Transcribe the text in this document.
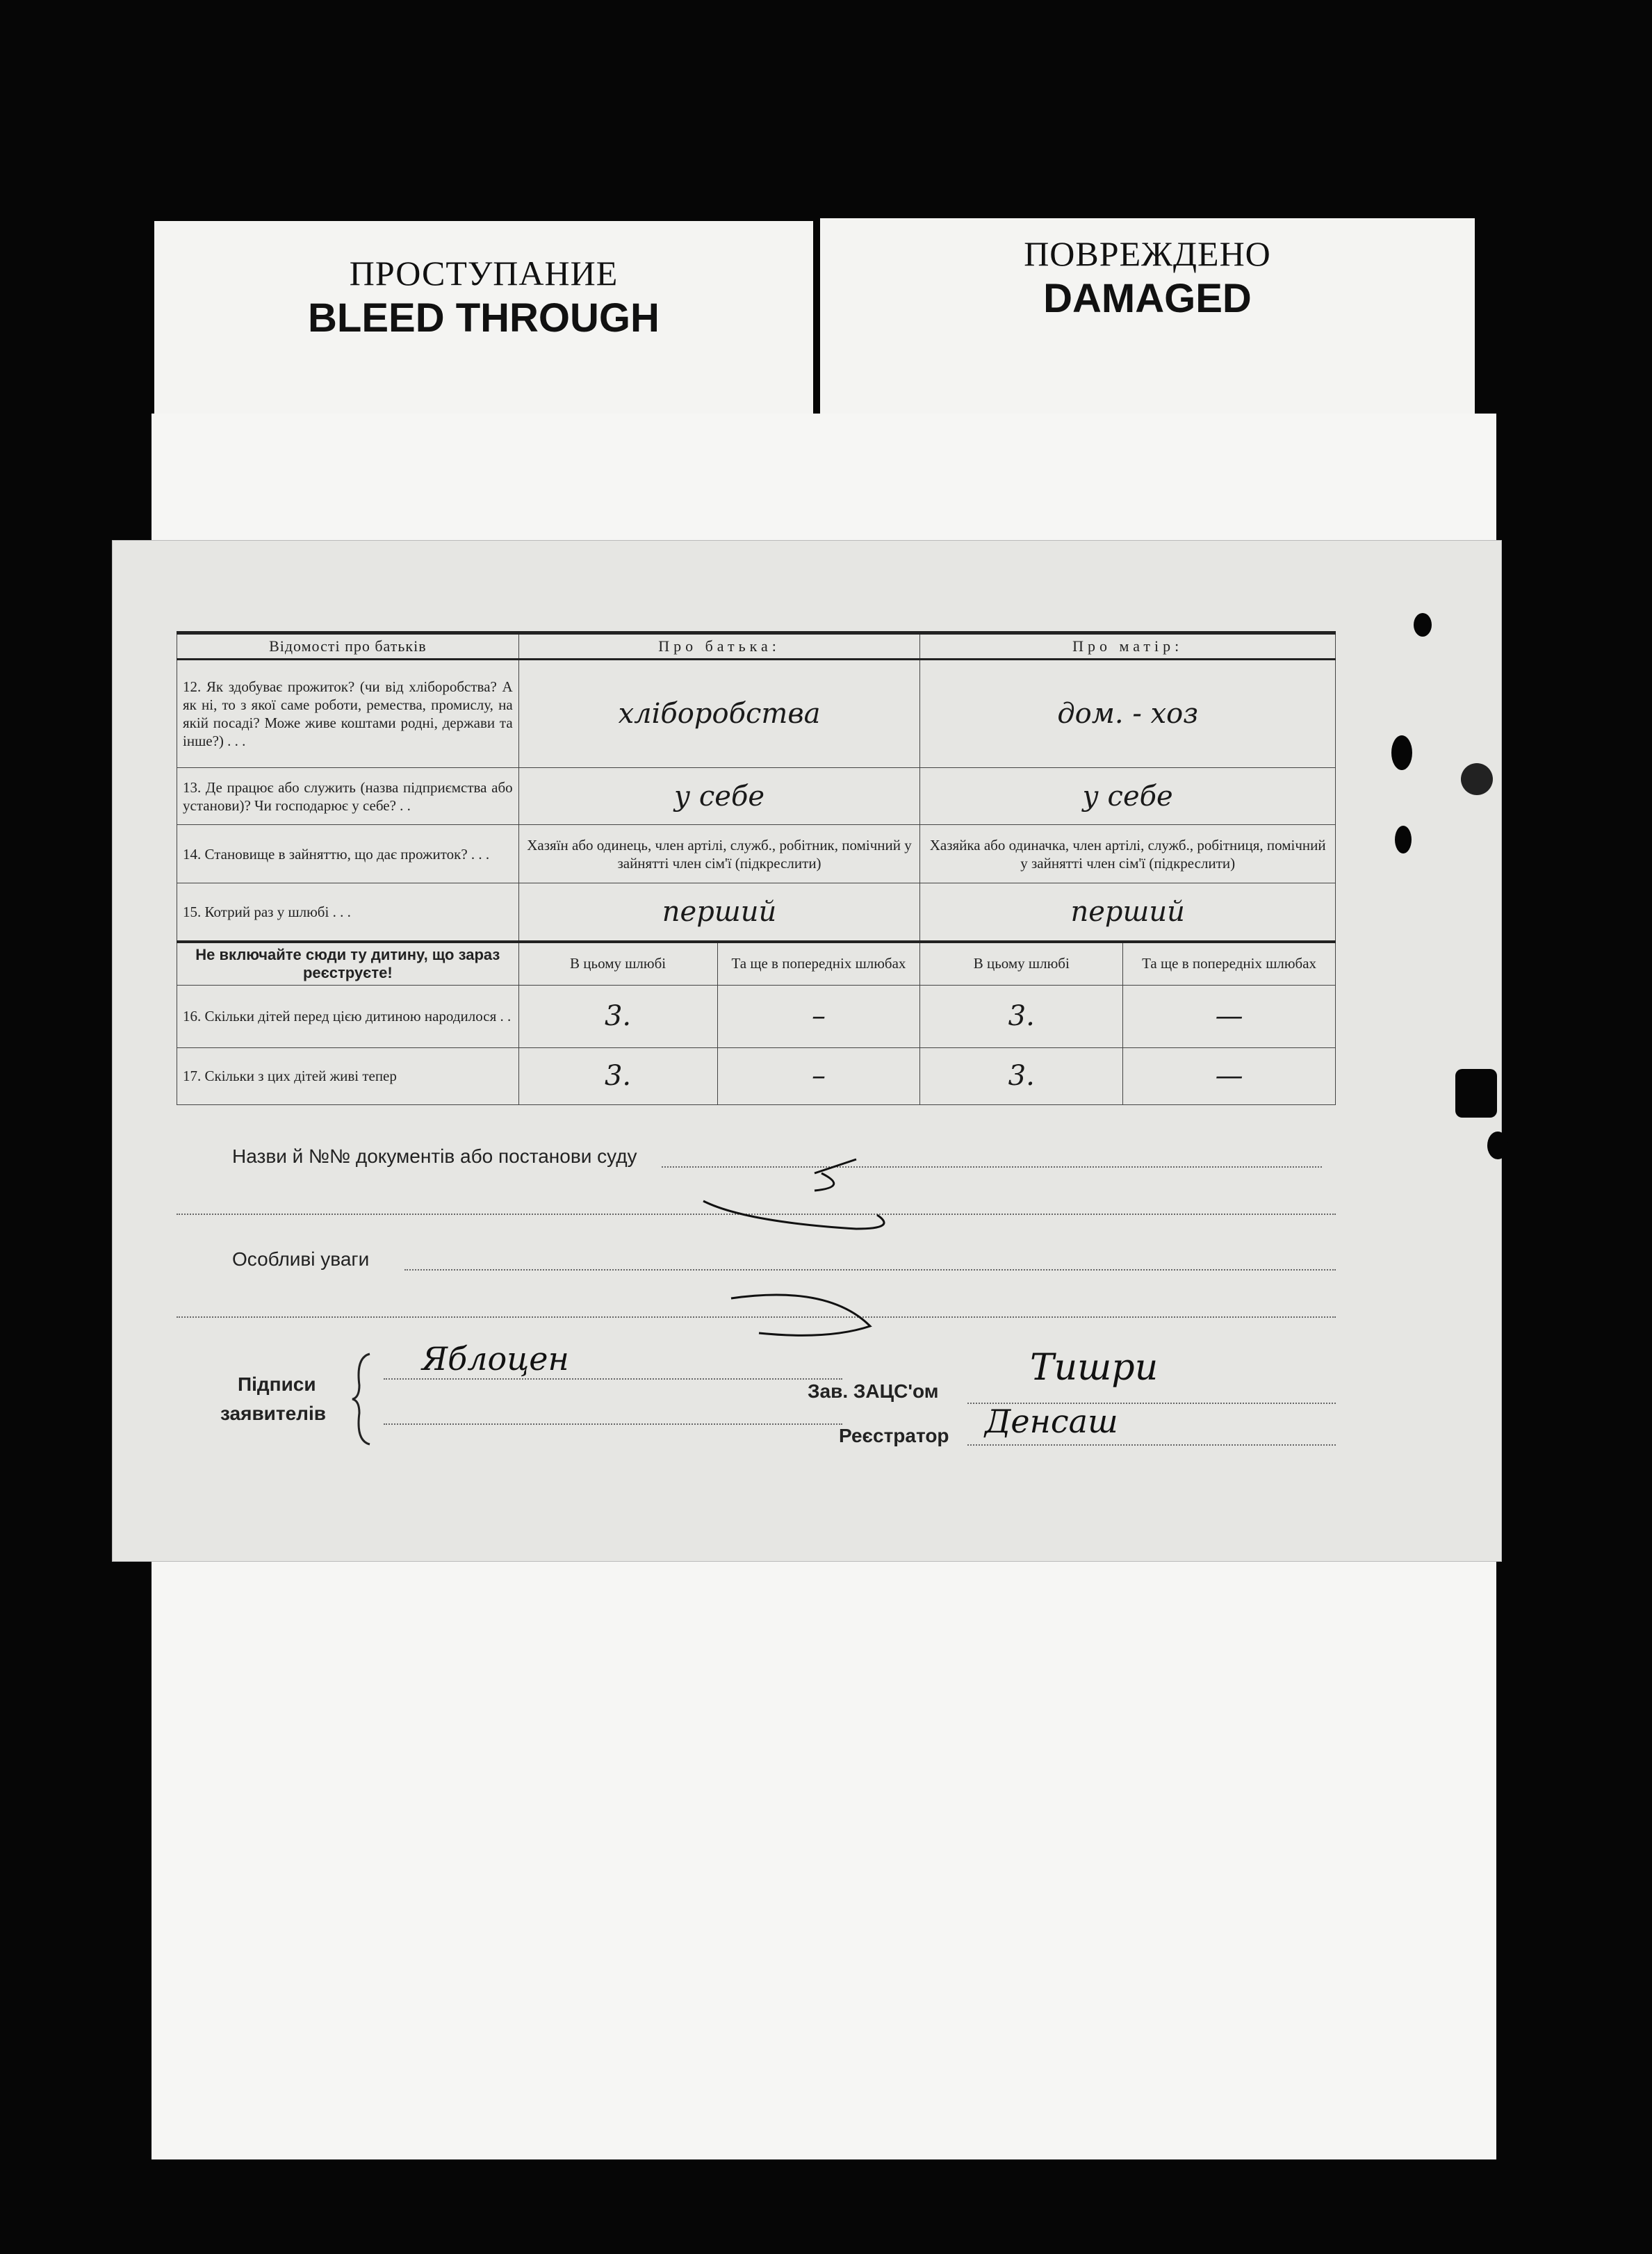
ПРОСТУПАНИЕ
BLEED THROUGH
ПОВРЕЖДЕНО
DAMAGED
Відомості про батьків	Про батька:		Про матір:	
12. Як здобуває прожиток? (чи від хліборобства? А як ні, то з якої саме роботи, ремества, промислу, на якій посаді? Може живе коштами родні, держави та інше?) . . .	хліборобства		дом. - хоз	
13. Де працює або служить (назва підприємства або установи)? Чи господарює у себе? . .	у себе		у себе	
14. Становище в зайняттю, що дає прожиток? . . .	Хазяїн або одинець, член артілі, служб., робітник, помічний у зайнятті член сім'ї (підкреслити)		Хазяйка або одиначка, член артілі, служб., робітниця, помічний у зайнятті член сім'ї (підкреслити)	
15. Котрий раз у шлюбі . . .	перший		перший	
Не включайте сюди ту дитину, що зараз реєструєте!	В цьому шлюбі	Та ще в попередніх шлюбах	В цьому шлюбі	Та ще в попередніх шлюбах
16. Скільки дітей перед цією дитиною народилося . .	3.	–	3.	—
17. Скільки з цих дітей живі тепер	3.	–	3.	—
Назви й №№ документів або постанови суду
Особливі уваги
Підписи
заявителів
Яблоцен
Зав. ЗАЦС'ом
Тишри
Реєстратор Денсаш
